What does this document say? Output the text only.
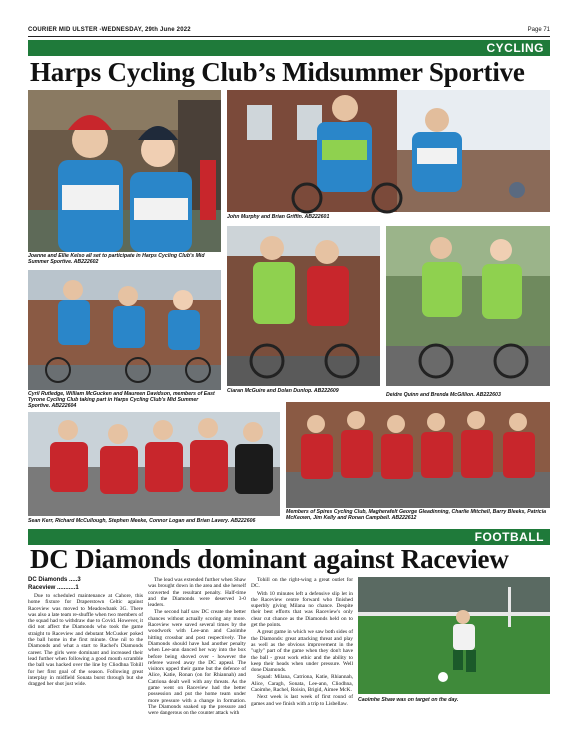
COURIER MID ULSTER -WEDNESDAY, 29th June 2022	Page 71
CYCLING
Harps Cycling Club’s Midsummer Sportive
Joanne and Ellie Kelso all set to participate in Harps Cycling Club's Mid Summer Sportive. AB222602
John Murphy and Brian Griffin. AB222601
Cyril Rutledge, William McGucken and Maureen Davidson, members of East Tyrone Cycling Club taking part in Harps Cycling Club's Mid Summer Sportive. AB222604
Ciaran McGuire and Dolan Dunlop. AB222609
Deidre Quinn and Brenda McGillion. AB222603
Sean Kerr, Richard McCullough, Stephen Meeke, Connor Logan and Brian Lavery. AB222606
Members of Spires Cycling Club, Magherafelt George Gleadinning, Charlie Mitchell, Barry Bleeks, Patricia McKeown, Jim Kelly and Ronan Campbell. AB222612
FOOTBALL
DC Diamonds dominant against Raceview
DC Diamonds .....3
Raceview ...........1

Due to scheduled maintenance at Cahore, this home fixture for Draperstown Celtic against Raceview was moved to Meadowbank 3G. There was also a late team re-shuffle when two members of the squad had to withdraw due to Covid. However, it did not affect the Diamonds who took the game straight to Raceview and debutant McCusker poked the ball home in the first minute. One nil to the Diamonds and what a start to Rachel's Diamonds career. The girls were dominant and increased their lead further when following a good mouth scramble the ball was hacked over the line by Cliodhna Tohill for her first goal of the season. Following great interplay in midfield Sonata burst through but she dragged her shot just wide.

The lead was extended further when Shaw was brought down in the area and she herself converted the resultant penalty. Half-time and the Diamonds were deserved 3-0 leaders.

The second half saw DC create the better chances without actually scoring any more. Raceview were saved several times by the woodwork with Lee-ann and Caoimhe hitting crossbar and post respectively. The Diamonds should have had another penalty when Lee-ann danced her way into the box before being shoved over - however the referee waved away the DC appeal. The visitors upped their game but the defence of Alice, Katie, Ronan (on for Rhiannah) and Catriona dealt well with any threats. As the game went on Raceview had the better possession and put the home team under more pressure with a change in formation. The Diamonds soaked up the pressure and were dangerous on the counter attack with

Tohill on the right-wing a great outlet for DC.

With 10 minutes left a defensive slip let in the Raceview centre forward who finished superbly giving Milana no chance. Despite their best efforts that was Raceview's only clear cut chance as the Diamonds held on to get the points.

A great game in which we saw both sides of the Diamonds: great attacking threat and play as well as the obvious improvement in the "ugly" part of the game when they don't have the ball - great work ethic and the ability to keep their heads when under pressure. Well done Diamonds.

Squad: Milana, Catriona, Katie, Rhiannah, Alice, Caragh, Sonata, Lee-ann, Cliodhna, Caoimhe, Rachel, Roisin, Brigid, Aimee McK.

Next week is last week of first round of games and we finish with a trip to Lisbellaw.

Caoimhe Shaw was on target on the day.
